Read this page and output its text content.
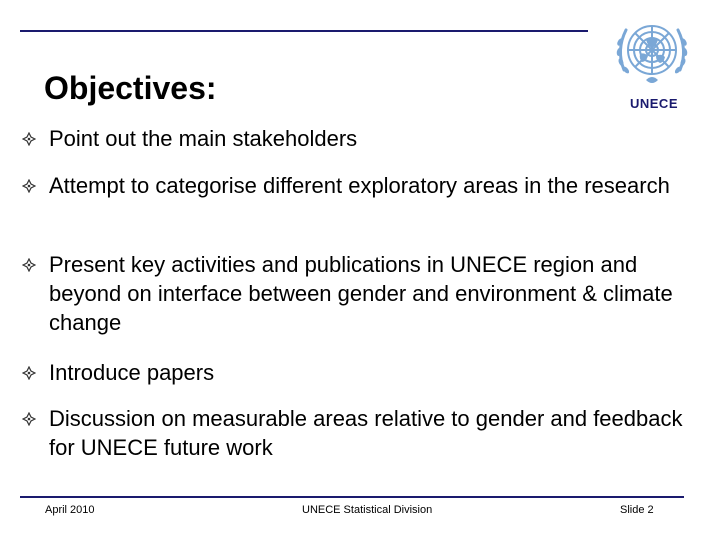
Objectives:	UNECE
Point out the main stakeholders
Attempt to categorise different exploratory areas in the research
Present key activities and publications in UNECE region and beyond on interface between gender and environment & climate change
Introduce papers
Discussion on measurable areas relative to gender and feedback for UNECE future work
April 2010	UNECE Statistical Division	Slide 2
